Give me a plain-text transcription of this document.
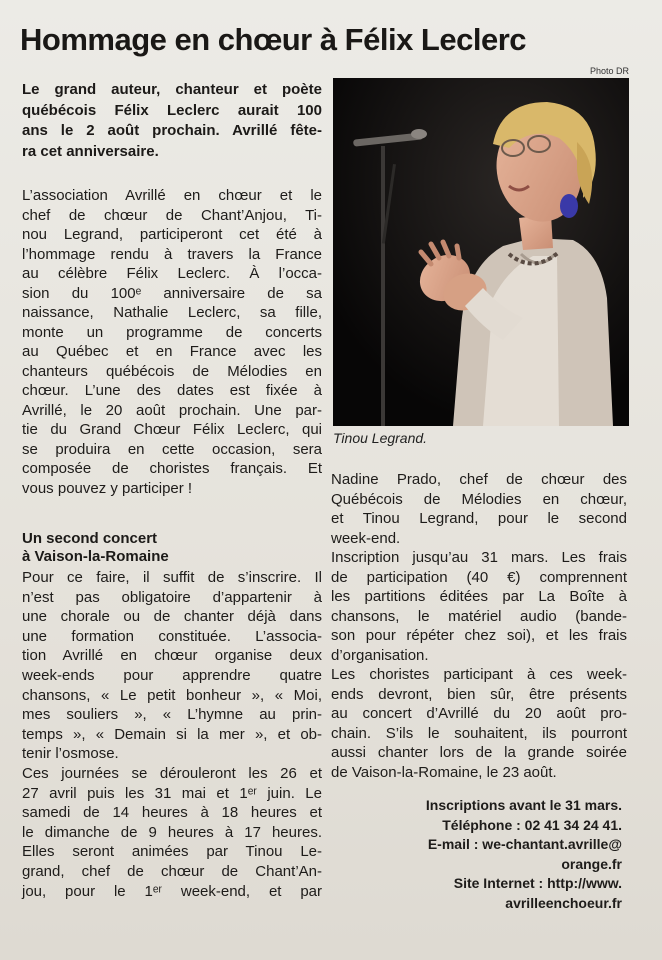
Hommage en chœur à Félix Leclerc
Le grand auteur, chanteur et poète
québécois Félix Leclerc aurait 100
ans le 2 août prochain. Avrillé fête-
ra cet anniversaire.
Photo DR
Tinou Legrand.
L’association Avrillé en chœur et le
chef de chœur de Chant’Anjou, Ti-
nou Legrand, participeront cet été à
l’hommage rendu à travers la France
au célèbre Félix Leclerc. À l’occa-
sion du 100ᵉ anniversaire de sa
naissance, Nathalie Leclerc, sa fille,
monte un programme de concerts
au Québec et en France avec les
chanteurs québécois de Mélodies en
chœur. L’une des dates est fixée à
Avrillé, le 20 août prochain. Une par-
tie du Grand Chœur Félix Leclerc, qui
se produira en cette occasion, sera
composée de choristes français. Et
vous pouvez y participer !
Un second concert
à Vaison-la-Romaine
Pour ce faire, il suffit de s’inscrire. Il
n’est pas obligatoire d’appartenir à
une chorale ou de chanter déjà dans
une formation constituée. L’associa-
tion Avrillé en chœur organise deux
week-ends pour apprendre quatre
chansons, « Le petit bonheur », « Moi,
mes souliers », « L’hymne au prin-
temps », « Demain si la mer », et ob-
tenir l’osmose.
Ces journées se dérouleront les 26 et
27 avril puis les 31 mai et 1ᵉʳ juin. Le
samedi de 14 heures à 18 heures et
le dimanche de 9 heures à 17 heures.
Elles seront animées par Tinou Le-
grand, chef de chœur de Chant’An-
jou, pour le 1ᵉʳ week-end, et par
Nadine Prado, chef de chœur des
Québécois de Mélodies en chœur,
et Tinou Legrand, pour le second
week-end.
Inscription jusqu’au 31 mars. Les frais
de participation (40 €) comprennent
les partitions éditées par La Boîte à
chansons, le matériel audio (bande-
son pour répéter chez soi), et les frais
d’organisation.
Les choristes participant à ces week-
ends devront, bien sûr, être présents
au concert d’Avrillé du 20 août pro-
chain. S’ils le souhaitent, ils pourront
aussi chanter lors de la grande soirée
de Vaison-la-Romaine, le 23 août.
Inscriptions avant le 31 mars.
Téléphone : 02 41 34 24 41.
E-mail : we-chantant.avrille@
orange.fr
Site Internet : http://www.
avrilleenchoeur.fr
